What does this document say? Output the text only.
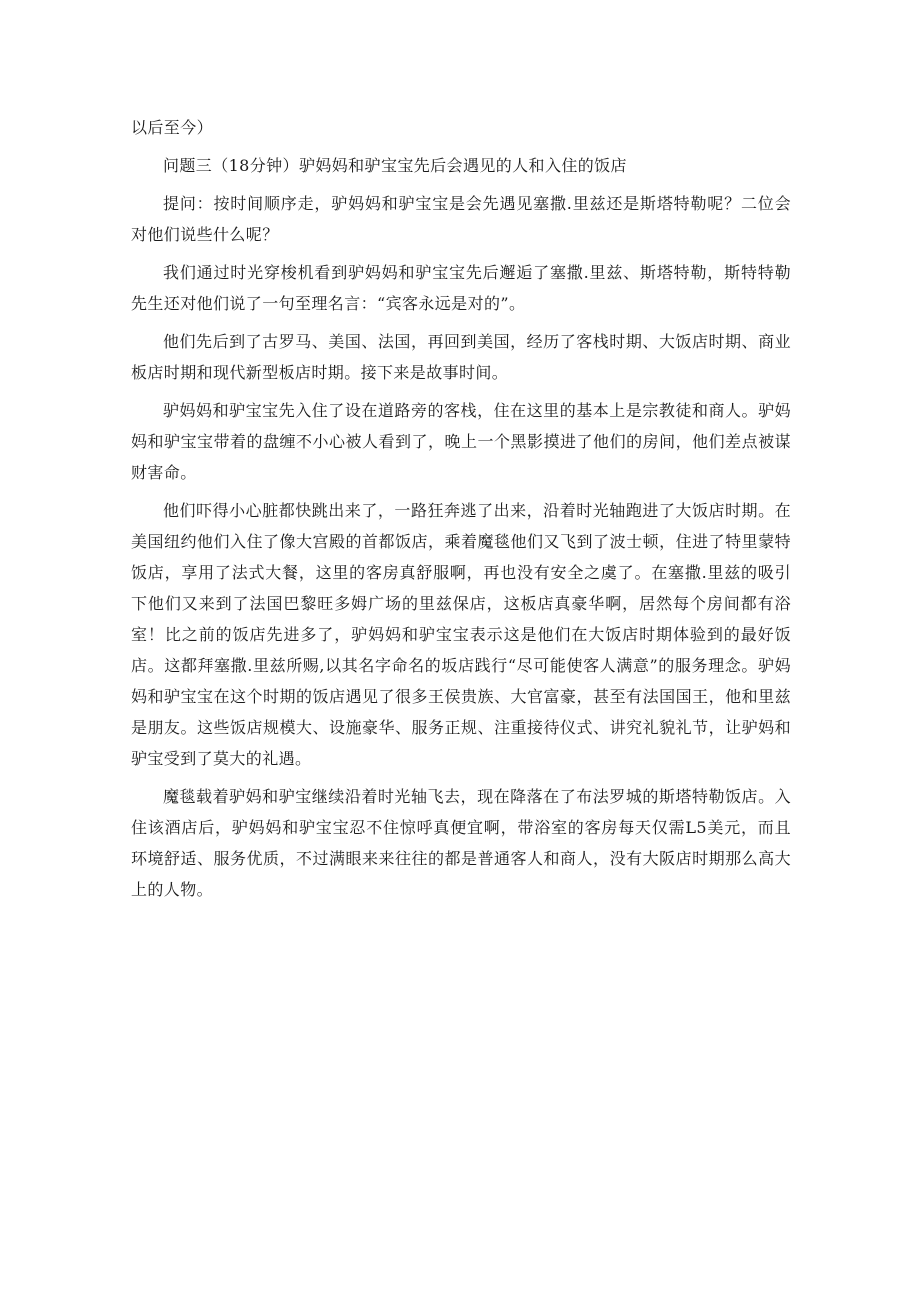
以后至今）

问题三（18分钟）驴妈妈和驴宝宝先后会遇见的人和入住的饭店

提问：按时间顺序走，驴妈妈和驴宝宝是会先遇见塞撒.里兹还是斯塔特勒呢？二位会对他们说些什么呢？

我们通过时光穿梭机看到驴妈妈和驴宝宝先后邂逅了塞撒.里兹、斯塔特勒，斯特特勒先生还对他们说了一句至理名言：“宾客永远是对的”。

他们先后到了古罗马、美国、法国，再回到美国，经历了客栈时期、大饭店时期、商业板店时期和现代新型板店时期。接下来是故事时间。

驴妈妈和驴宝宝先入住了设在道路旁的客栈，住在这里的基本上是宗教徒和商人。驴妈妈和驴宝宝带着的盘缠不小心被人看到了，晚上一个黑影摸进了他们的房间，他们差点被谋财害命。

他们吓得小心脏都快跳出来了，一路狂奔逃了出来，沿着时光轴跑进了大饭店时期。在美国纽约他们入住了像大宫殿的首都饭店，乘着魔毯他们又飞到了波士顿，住进了特里蒙特饭店，享用了法式大餐，这里的客房真舒服啊，再也没有安全之虞了。在塞撒.里兹的吸引下他们又来到了法国巴黎旺多姆广场的里兹保店，这板店真豪华啊，居然每个房间都有浴室！比之前的饭店先进多了，驴妈妈和驴宝宝表示这是他们在大饭店时期体验到的最好饭店。这都拜塞撒.里兹所赐,以其名字命名的坂店践行“尽可能使客人满意”的服务理念。驴妈妈和驴宝宝在这个时期的饭店遇见了很多王侯贵族、大官富豪，甚至有法国国王，他和里兹是朋友。这些饭店规模大、设施豪华、服务正规、注重接待仪式、讲究礼貌礼节，让驴妈和驴宝受到了莫大的礼遇。

魔毯载着驴妈和驴宝继续沿着时光轴飞去，现在降落在了布法罗城的斯塔特勒饭店。入住该酒店后，驴妈妈和驴宝宝忍不住惊呼真便宜啊，带浴室的客房每天仅需L5美元，而且环境舒适、服务优质，不过满眼来来往往的都是普通客人和商人，没有大阪店时期那么高大上的人物。
